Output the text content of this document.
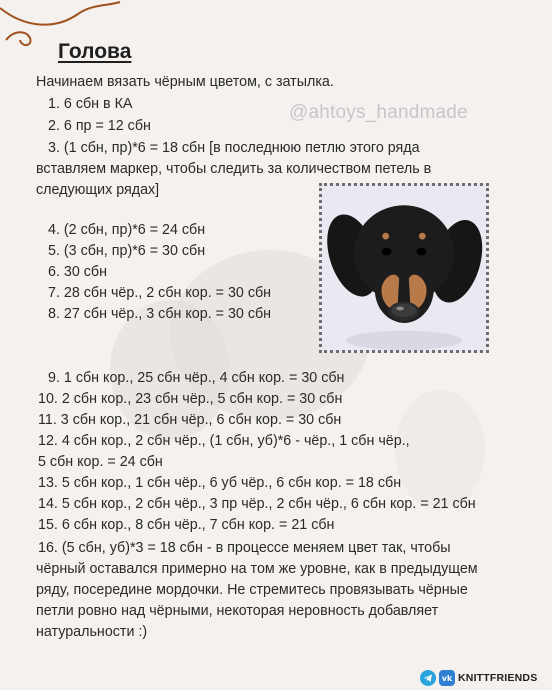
Голова
Начинаем вязать чёрным цветом, с затылка.
@ahtoys_handmade
1. 6 сбн в КА
2. 6 пр = 12 сбн
3. (1 сбн, пр)*6 = 18 сбн [в последнюю петлю этого ряда
вставляем маркер, чтобы следить за количеством петель в
следующих рядах]
4. (2 сбн, пр)*6 = 24 сбн
5. (3 сбн, пр)*6 = 30 сбн
6. 30 сбн
7. 28 сбн чёр., 2 сбн кор. = 30 сбн
8. 27 сбн чёр., 3 сбн кор. = 30 сбн
9. 1 сбн кор., 25 сбн чёр., 4 сбн кор. = 30 сбн
10. 2 сбн кор., 23 сбн чёр., 5 сбн кор. = 30 сбн
11. 3 сбн кор., 21 сбн чёр., 6 сбн кор. = 30 сбн
12. 4 сбн кор., 2 сбн чёр., (1 сбн, уб)*6 - чёр., 1 сбн чёр.,
5 сбн кор. = 24 сбн
13. 5 сбн кор., 1 сбн чёр., 6 уб чёр., 6 сбн кор. = 18 сбн
14. 5 сбн кор., 2 сбн чёр., 3 пр чёр., 2 сбн чёр., 6 сбн кор. = 21 сбн
15. 6 сбн кор., 8 сбн чёр., 7 сбн кор. = 21 сбн
16. (5 сбн, уб)*3 = 18 сбн - в процессе меняем цвет так, чтобы
чёрный оставался примерно на том же уровне, как в предыдущем
ряду, посередине мордочки. Не стремитесь провязывать чёрные
петли ровно над чёрными, некоторая неровность добавляет
натуральности :)
vk KNITTFRIENDS
